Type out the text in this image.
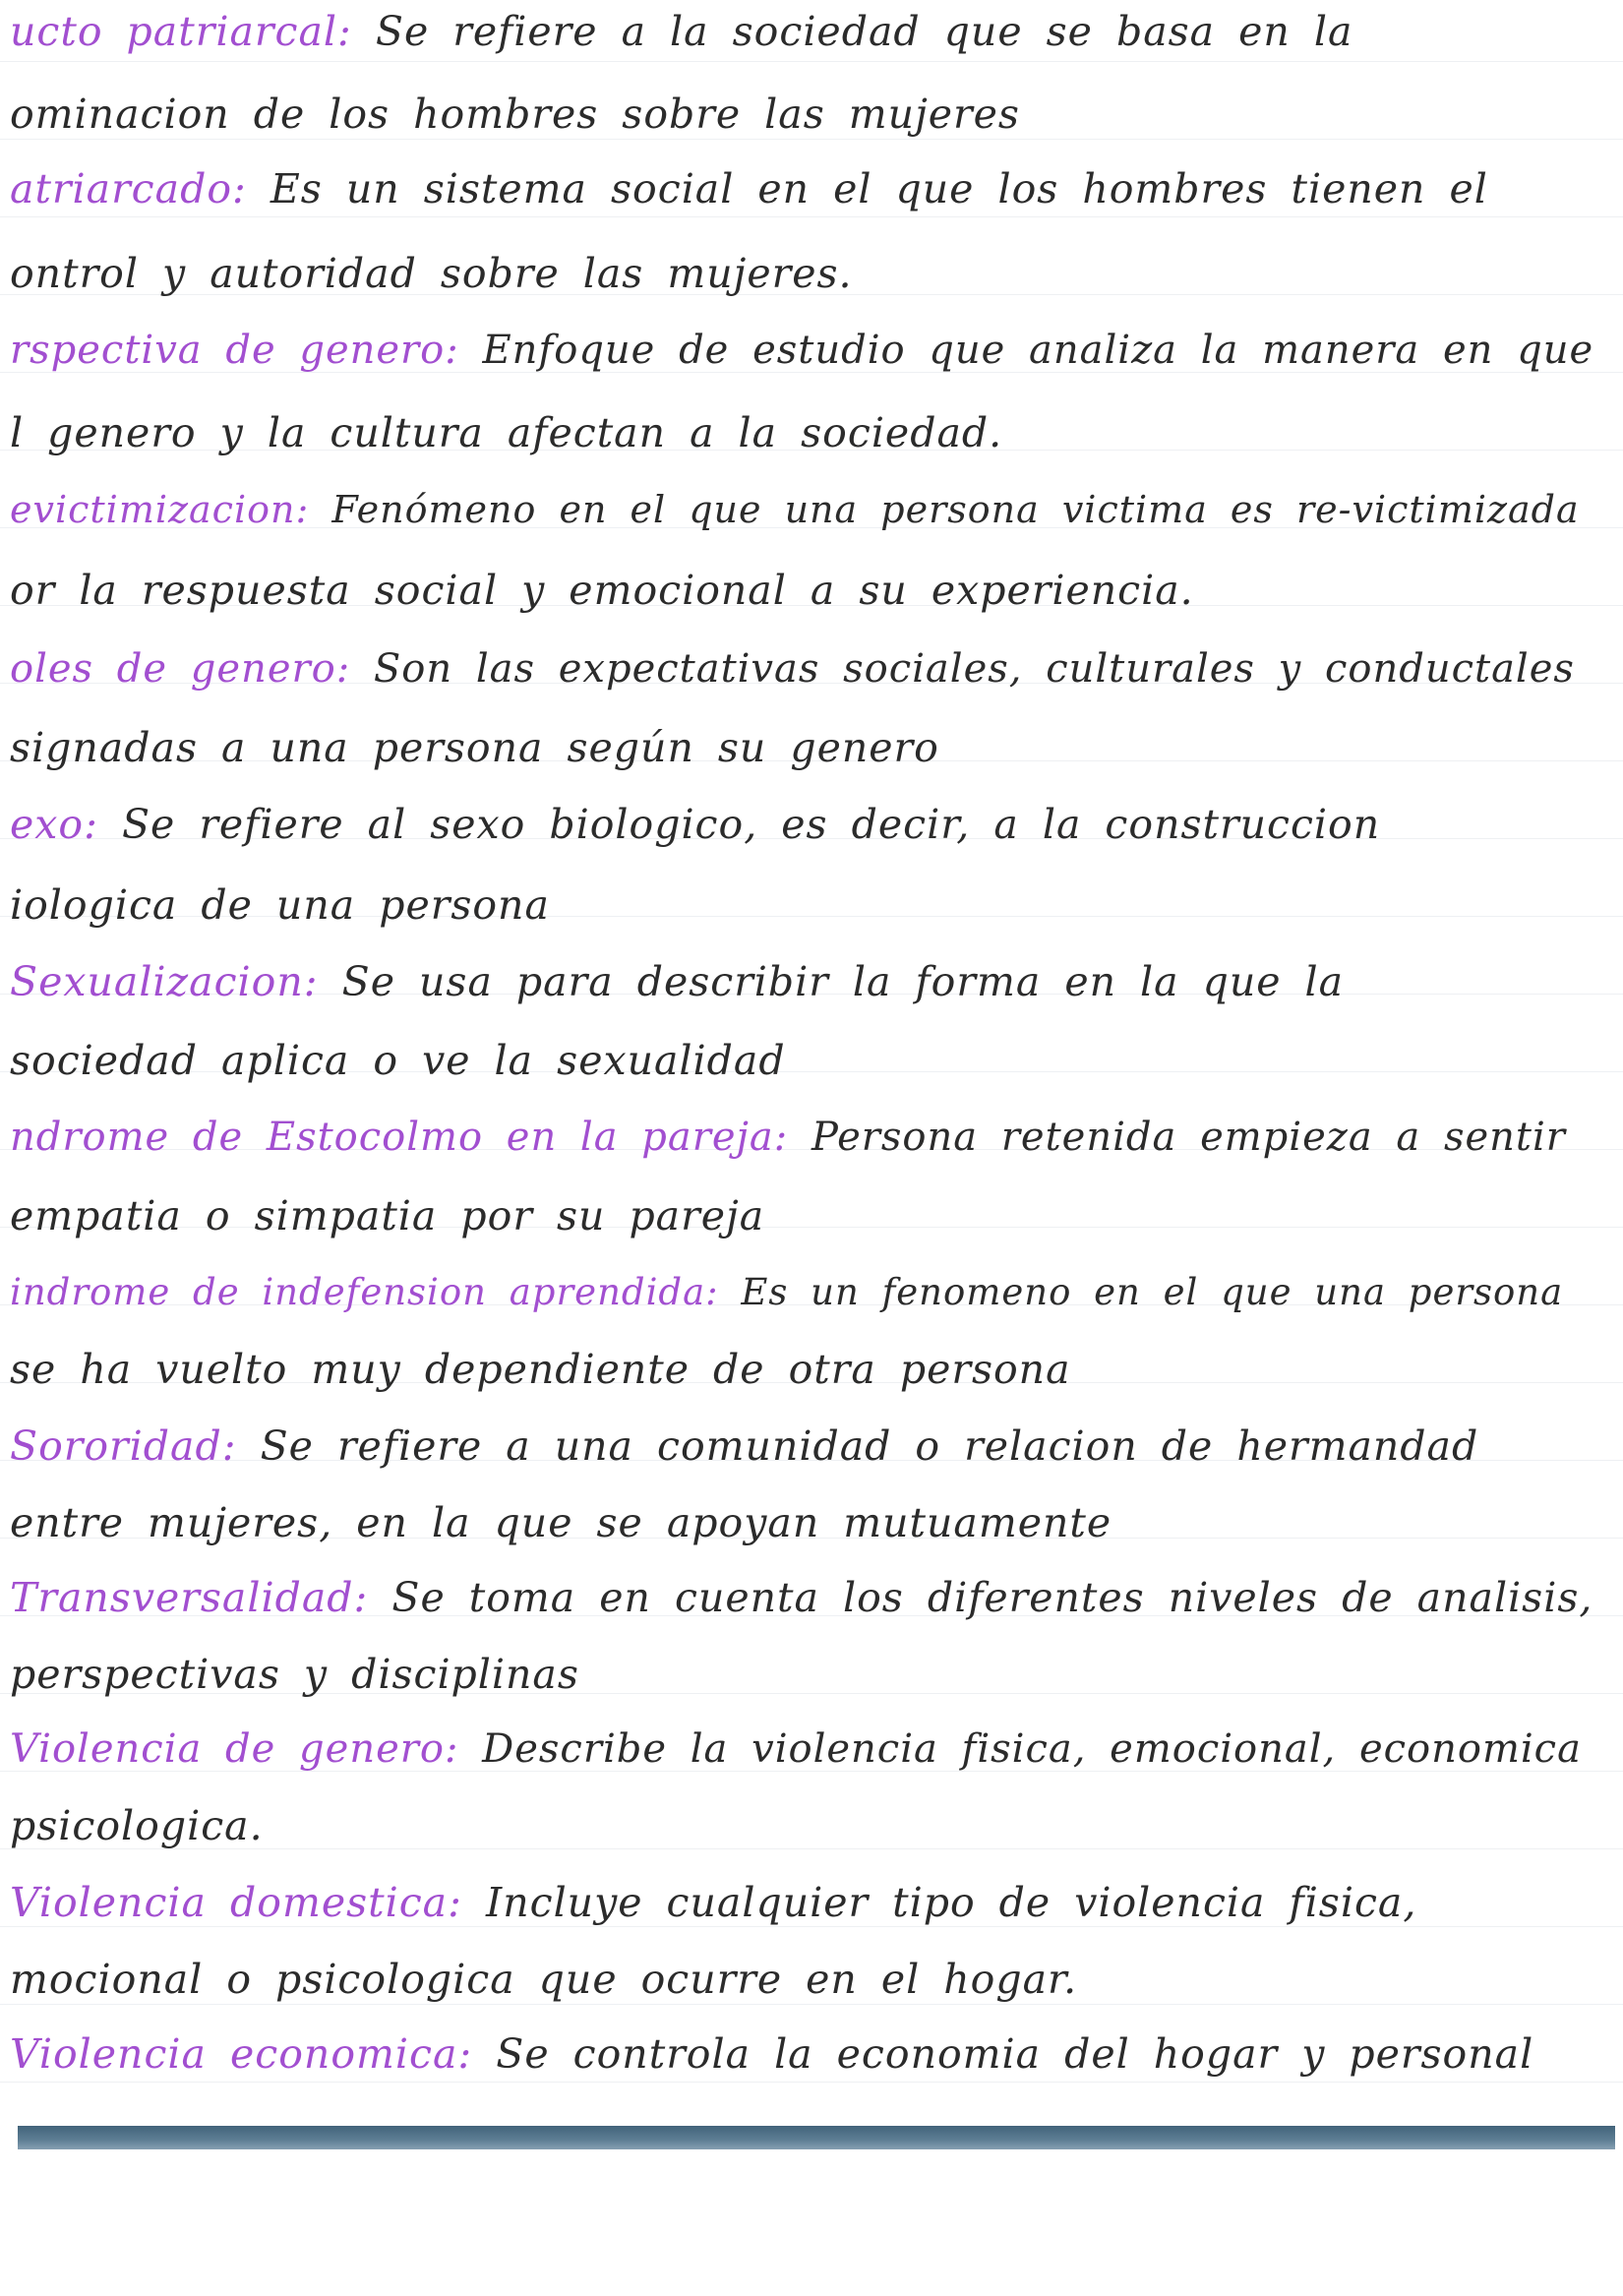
ucto patriarcal: Se refiere a la sociedad que se basa en la
ominacion de los hombres sobre las mujeres
atriarcado: Es un sistema social en el que los hombres tienen el
ontrol y autoridad sobre las mujeres.
rspectiva de genero: Enfoque de estudio que analiza la manera en que
l genero y la cultura afectan a la sociedad.
evictimizacion: Fenómeno en el que una persona victima es re-victimizada
or la respuesta social y emocional a su experiencia.
oles de genero: Son las expectativas sociales, culturales y conductales
signadas a una persona según su genero
exo: Se refiere al sexo biologico, es decir, a la construccion
iologica de una persona
Sexualizacion: Se usa para describir la forma en la que la
sociedad aplica o ve la sexualidad
ndrome de Estocolmo en la pareja: Persona retenida empieza a sentir
empatia o simpatia por su pareja
indrome de indefension aprendida: Es un fenomeno en el que una persona
se ha vuelto muy dependiente de otra persona
Sororidad: Se refiere a una comunidad o relacion de hermandad
entre mujeres, en la que se apoyan mutuamente
Transversalidad: Se toma en cuenta los diferentes niveles de analisis,
perspectivas y disciplinas
Violencia de genero: Describe la violencia fisica, emocional, economica
psicologica.
Violencia domestica: Incluye cualquier tipo de violencia fisica,
mocional o psicologica que ocurre en el hogar.
Violencia economica: Se controla la economia del hogar y personal
